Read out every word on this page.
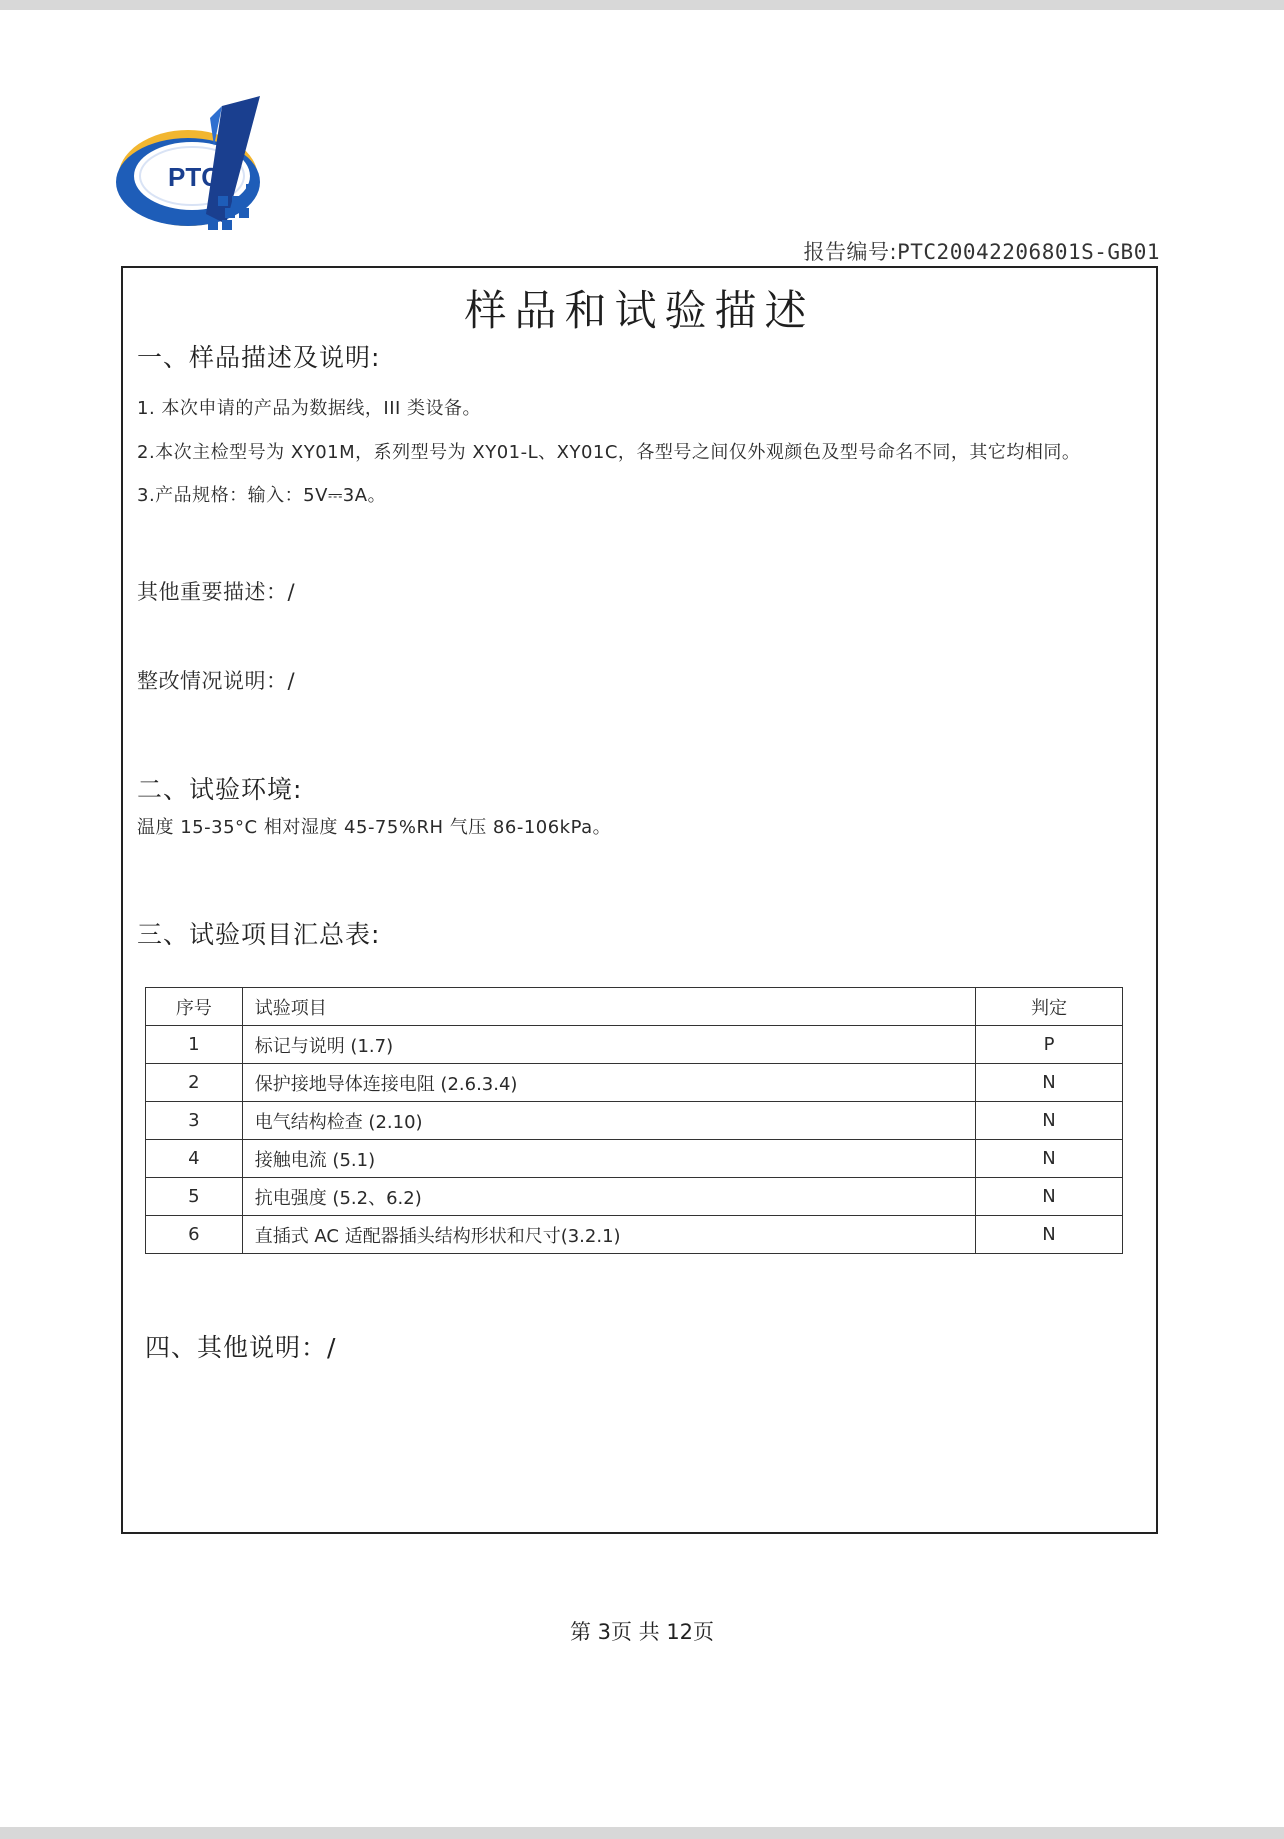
PTC
报告编号:PTC20042206801S-GB01
样品和试验描述
一、样品描述及说明:
1. 本次申请的产品为数据线，III 类设备。
2.本次主检型号为 XY01M，系列型号为 XY01-L、XY01C，各型号之间仅外观颜色及型号命名不同，其它均相同。
3.产品规格：输入：5V⎓3A。
其他重要描述：/
整改情况说明：/
二、试验环境:
温度 15-35°C 相对湿度 45-75%RH 气压 86-106kPa。
三、试验项目汇总表:
序号	试验项目	判定
1	标记与说明 (1.7)	P
2	保护接地导体连接电阻 (2.6.3.4)	N
3	电气结构检查 (2.10)	N
4	接触电流 (5.1)	N
5	抗电强度 (5.2、6.2)	N
6	直插式 AC 适配器插头结构形状和尺寸(3.2.1)	N
四、其他说明：/
第 3页 共 12页
